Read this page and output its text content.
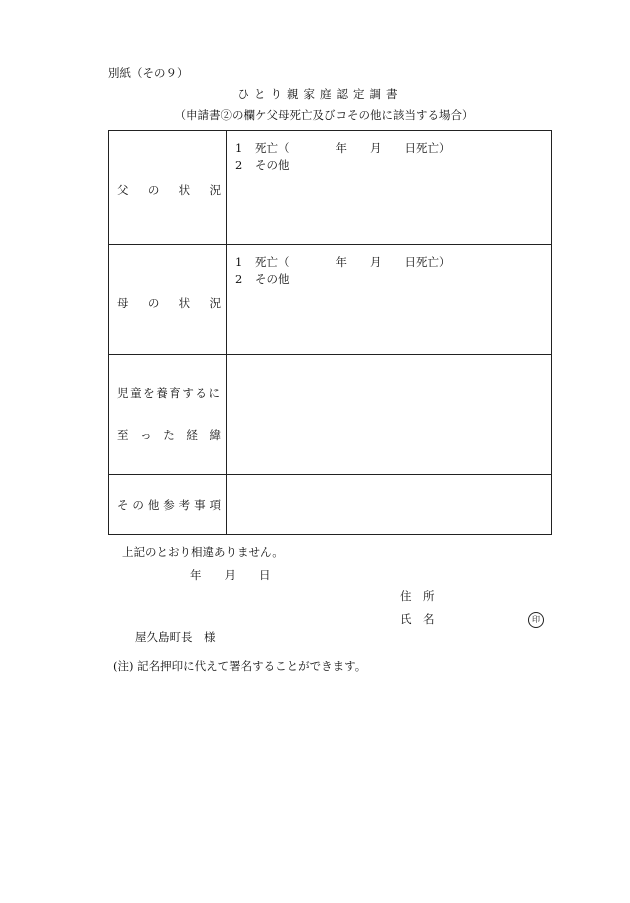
別紙（その９）
ひとり親家庭認定調書
（申請書②の欄ケ父母死亡及びコその他に該当する場合）
父の状況
1 死亡（　　　　年　　月　　日死亡）
2 その他
母の状況
1 死亡（　　　　年　　月　　日死亡）
2 その他
児童を養育するに
至った経緯
その他参考事項
上記のとおり相違ありません。
年　　月　　日
住　所
氏　名	印
屋久島町長　様
(注) 記名押印に代えて署名することができます。
